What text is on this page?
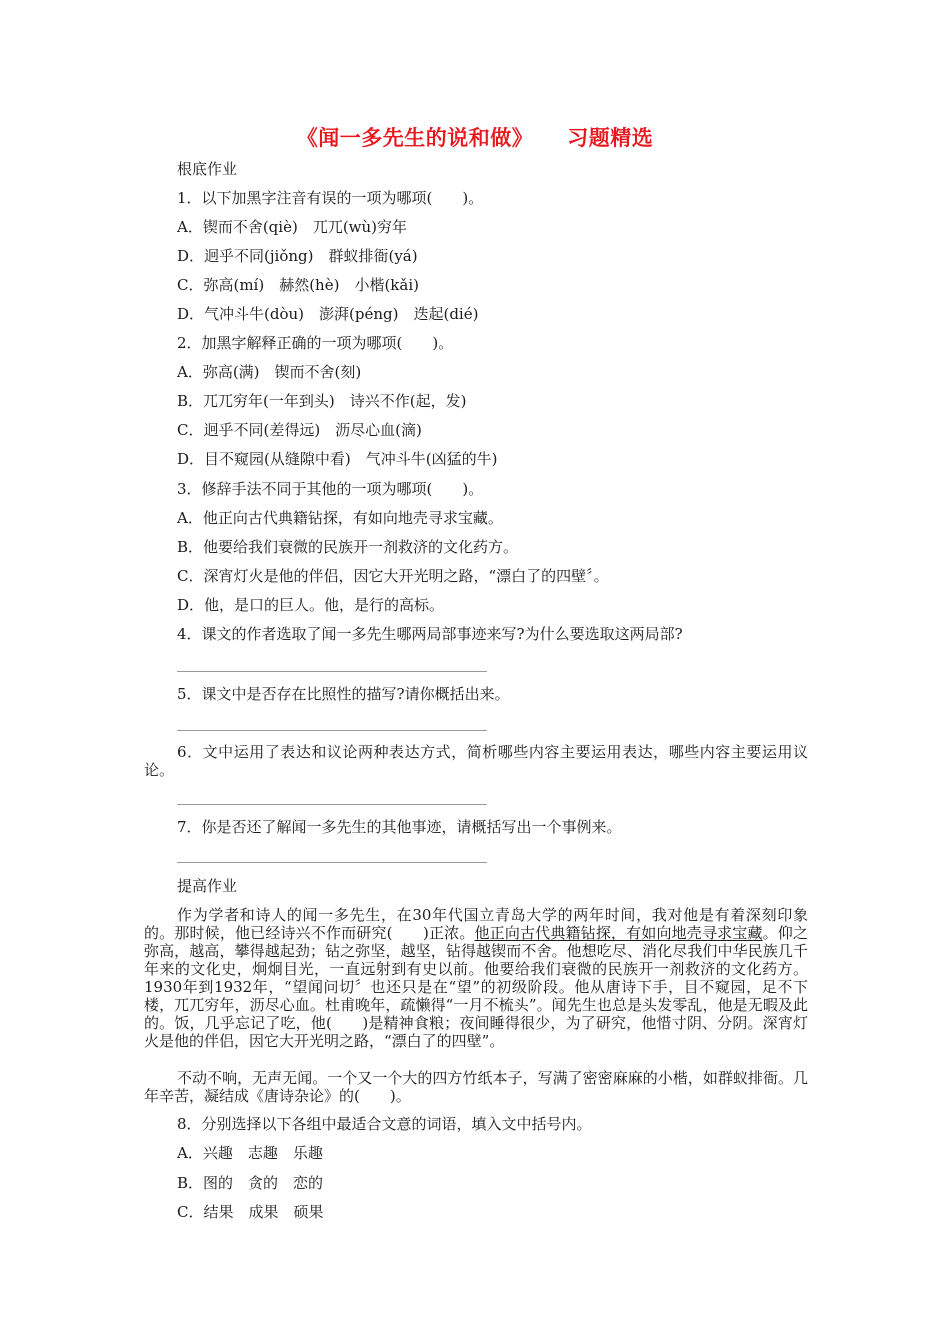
《闻一多先生的说和做》 习题精选
根底作业
1．以下加黑字注音有误的一项为哪项(　　)。
A．锲而不舍(qiè)　兀兀(wù)穷年
D．迥乎不同(jiǒng)　群蚁排衙(yá)
C．弥高(mí)　赫然(hè)　小楷(kǎi)
D．气冲斗牛(dòu)　澎湃(péng)　迭起(dié)
2．加黑字解释正确的一项为哪项(　　)。
A．弥高(满)　锲而不舍(刻)
B．兀兀穷年(一年到头)　诗兴不作(起，发)
C．迥乎不同(差得远)　沥尽心血(滴)
D．目不窥园(从缝隙中看)　气冲斗牛(凶猛的牛)
3．修辞手法不同于其他的一项为哪项(　　)。
A．他正向古代典籍钻探，有如向地壳寻求宝藏。
B．他要给我们衰微的民族开一剂救济的文化药方。
C．深宵灯火是他的伴侣，因它大开光明之路，“漂白了的四壁〞。
D．他，是口的巨人。他，是行的高标。
4．课文的作者选取了闻一多先生哪两局部事迹来写?为什么要选取这两局部?
5．课文中是否存在比照性的描写?请你概括出来。
6．文中运用了表达和议论两种表达方式，简析哪些内容主要运用表达，哪些内容主要运用议论。
7．你是否还了解闻一多先生的其他事迹，请概括写出一个事例来。
提高作业
作为学者和诗人的闻一多先生，在30年代国立青岛大学的两年时间，我对他是有着深刻印象的。那时候，他已经诗兴不作而研究(　　)正浓。他正向古代典籍钻探，有如向地壳寻求宝藏。仰之弥高，越高，攀得越起劲；钻之弥坚，越坚，钻得越锲而不舍。他想吃尽、消化尽我们中华民族几千年来的文化史，炯炯目光，一直远射到有史以前。他要给我们衰微的民族开一剂救济的文化药方。1930年到1932年，“望闻问切〞也还只是在“望”的初级阶段。他从唐诗下手，目不窥园，足不下楼，兀兀穷年，沥尽心血。杜甫晚年，疏懒得“一月不梳头”。闻先生也总是头发零乱，他是无暇及此的。饭，几乎忘记了吃，他(　　)是精神食粮；夜间睡得很少，为了研究，他惜寸阴、分阴。深宵灯火是他的伴侣，因它大开光明之路，“漂白了的四壁”。
不动不响，无声无闻。一个又一个大的四方竹纸本子，写满了密密麻麻的小楷，如群蚁排衙。几年辛苦，凝结成《唐诗杂论》的(　　)。
8．分别选择以下各组中最适合文意的词语，填入文中括号内。
A．兴趣　志趣　乐趣
B．图的　贪的　恋的
C．结果　成果　硕果
